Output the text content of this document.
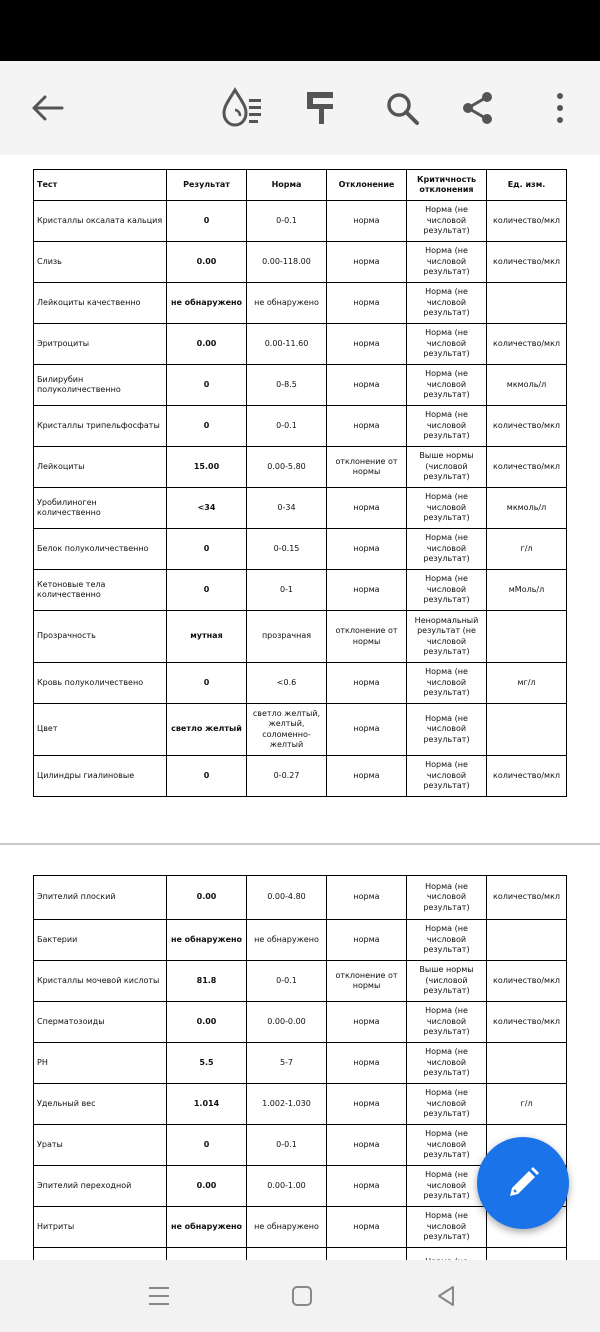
Тест	Результат	Норма	Отклонение	Критичность отклонения	Ед. изм.
Кристаллы оксалата кальция	0	0-0.1	норма	Норма (не числовой результат)	количество/мкл
Слизь	0.00	0.00-118.00	норма	Норма (не числовой результат)	количество/мкл
Лейкоциты качественно	не обнаружено	не обнаружено	норма	Норма (не числовой результат)	
Эритроциты	0.00	0.00-11.60	норма	Норма (не числовой результат)	количество/мкл
Билирубин полуколичественно	0	0-8.5	норма	Норма (не числовой результат)	мкмоль/л
Кристаллы трипельфосфаты	0	0-0.1	норма	Норма (не числовой результат)	количество/мкл
Лейкоциты	15.00	0.00-5.80	отклонение от нормы	Выше нормы (числовой результат)	количество/мкл
Уробилиноген количественно	<34	0-34	норма	Норма (не числовой результат)	мкмоль/л
Белок полуколичественно	0	0-0.15	норма	Норма (не числовой результат)	г/л
Кетоновые тела количественно	0	0-1	норма	Норма (не числовой результат)	мМоль/л
Прозрачность	мутная	прозрачная	отклонение от нормы	Ненормальный результат (не числовой результат)	
Кровь полуколичествено	0	<0.6	норма	Норма (не числовой результат)	мг/л
Цвет	светло желтый	светло желтый, желтый, соломенно-желтый	норма	Норма (не числовой результат)	
Цилиндры гиалиновые	0	0-0.27	норма	Норма (не числовой результат)	количество/мкл
Эпителий плоский	0.00	0.00-4.80	норма	Норма (не числовой результат)	количество/мкл
Бактерии	не обнаружено	не обнаружено	норма	Норма (не числовой результат)	
Кристаллы мочевой кислоты	81.8	0-0.1	отклонение от нормы	Выше нормы (числовой результат)	количество/мкл
Сперматозоиды	0.00	0.00-0.00	норма	Норма (не числовой результат)	количество/мкл
PH	5.5	5-7	норма	Норма (не числовой результат)	
Удельный вес	1.014	1.002-1.030	норма	Норма (не числовой результат)	г/л
Ураты	0	0-0.1	норма	Норма (не числовой результат)	
Эпителий переходной	0.00	0.00-1.00	норма	Норма (не числовой результат)	
Нитриты	не обнаружено	не обнаружено	норма	Норма (не числовой результат)	
